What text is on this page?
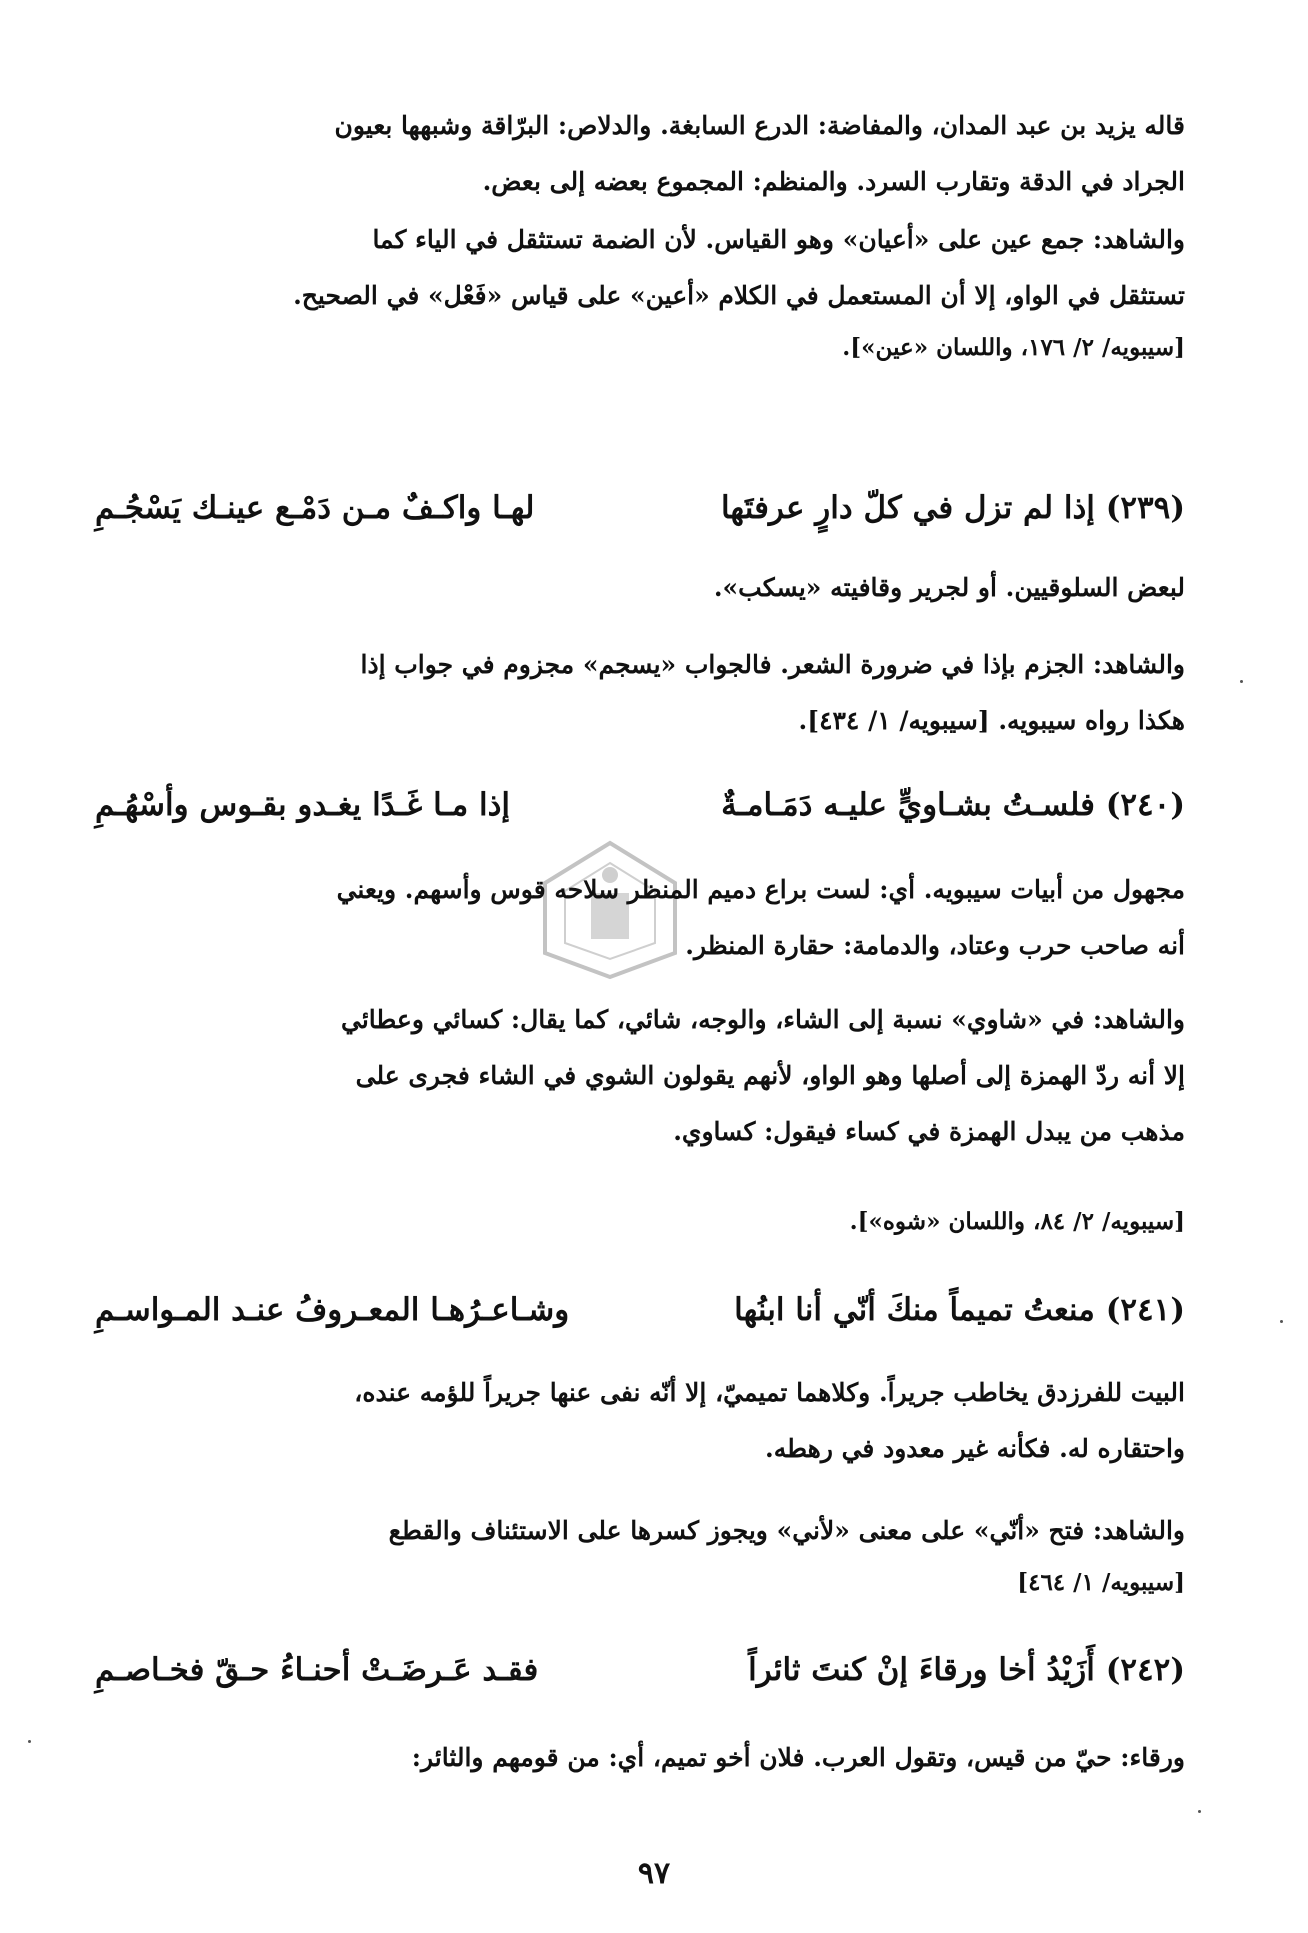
قاله يزيد بن عبد المدان، والمفاضة: الدرع السابغة. والدلاص: البرّاقة وشبهها بعيون
الجراد في الدقة وتقارب السرد. والمنظم: المجموع بعضه إلى بعض.
والشاهد: جمع عين على «أعيان» وهو القياس. لأن الضمة تستثقل في الياء كما
تستثقل في الواو، إلا أن المستعمل في الكلام «أعين» على قياس «فَعْل» في الصحيح.
[سيبويه/ ٢/ ١٧٦، واللسان «عين»].
(٢٣٩) إذا لم تزل في كلّ دارٍ عرفتَها
لهـا واكـفٌ مـن دَمْـع عينـك يَسْجُـمِ
لبعض السلوقيين. أو لجرير وقافيته «يسكب».
والشاهد: الجزم بإذا في ضرورة الشعر. فالجواب «يسجم» مجزوم في جواب إذا
هكذا رواه سيبويه. [سيبويه/ ١/ ٤٣٤].
(٢٤٠) فلسـتُ بشـاويٍّ عليـه دَمَـامـةٌ
إذا مـا غَـدًا يغـدو بقـوس وأسْهُـمِ
مجهول من أبيات سيبويه. أي: لست براع دميم المنظر سلاحه قوس وأسهم. ويعني
أنه صاحب حرب وعتاد، والدمامة: حقارة المنظر.
والشاهد: في «شاوي» نسبة إلى الشاء، والوجه، شائي، كما يقال: كسائي وعطائي
إلا أنه ردّ الهمزة إلى أصلها وهو الواو، لأنهم يقولون الشوي في الشاء فجرى على
مذهب من يبدل الهمزة في كساء فيقول: كساوي.
[سيبويه/ ٢/ ٨٤، واللسان «شوه»].
(٢٤١) منعتُ تميماً منكَ أنّي أنا ابنُها
وشـاعـرُهـا المعـروفُ عنـد المـواسـمِ
البيت للفرزدق يخاطب جريراً. وكلاهما تميميّ، إلا أنّه نفى عنها جريراً للؤمه عنده،
واحتقاره له. فكأنه غير معدود في رهطه.
والشاهد: فتح «أنّي» على معنى «لأني» ويجوز كسرها على الاستئناف والقطع
[سيبويه/ ١/ ٤٦٤]
(٢٤٢) أَزَيْدُ أخا ورقاءَ إنْ كنتَ ثائراً
فقـد عَـرضَـتْ أحنـاءُ حـقّ فخـاصـمِ
ورقاء: حيّ من قيس، وتقول العرب. فلان أخو تميم، أي: من قومهم والثائر:
٩٧
